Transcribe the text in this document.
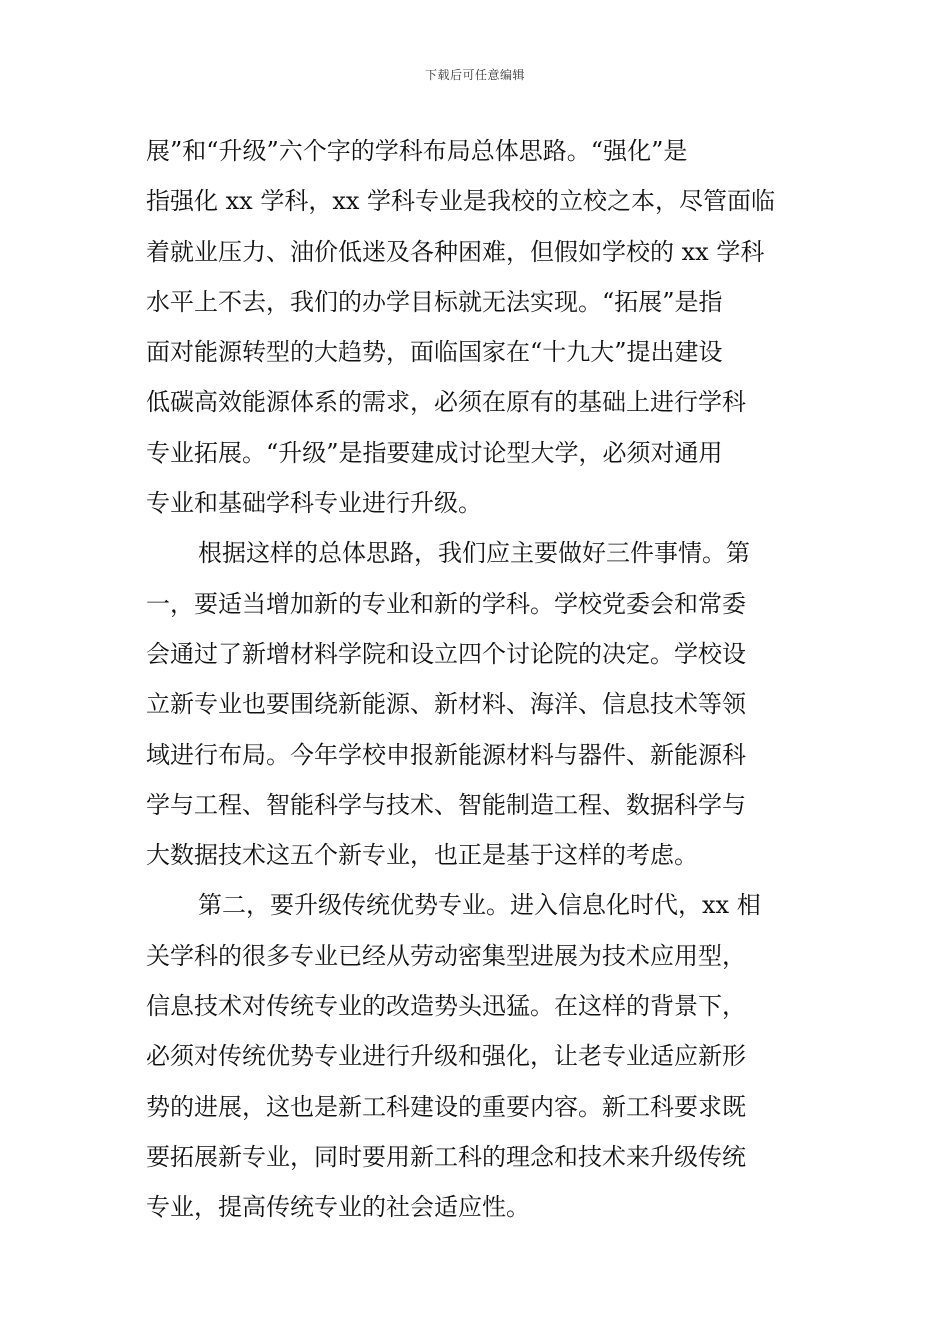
下载后可任意编辑
展”和“升级”六个字的学科布局总体思路。“强化”是
指强化 xx 学科，xx 学科专业是我校的立校之本，尽管面临
着就业压力、油价低迷及各种困难，但假如学校的 xx 学科
水平上不去，我们的办学目标就无法实现。“拓展”是指
面对能源转型的大趋势，面临国家在“十九大”提出建设
低碳高效能源体系的需求，必须在原有的基础上进行学科
专业拓展。“升级”是指要建成讨论型大学，必须对通用
专业和基础学科专业进行升级。
根据这样的总体思路，我们应主要做好三件事情。第
一，要适当增加新的专业和新的学科。学校党委会和常委
会通过了新增材料学院和设立四个讨论院的决定。学校设
立新专业也要围绕新能源、新材料、海洋、信息技术等领
域进行布局。今年学校申报新能源材料与器件、新能源科
学与工程、智能科学与技术、智能制造工程、数据科学与
大数据技术这五个新专业，也正是基于这样的考虑。
第二，要升级传统优势专业。进入信息化时代，xx 相
关学科的很多专业已经从劳动密集型进展为技术应用型，
信息技术对传统专业的改造势头迅猛。在这样的背景下，
必须对传统优势专业进行升级和强化，让老专业适应新形
势的进展，这也是新工科建设的重要内容。新工科要求既
要拓展新专业，同时要用新工科的理念和技术来升级传统
专业，提高传统专业的社会适应性。
